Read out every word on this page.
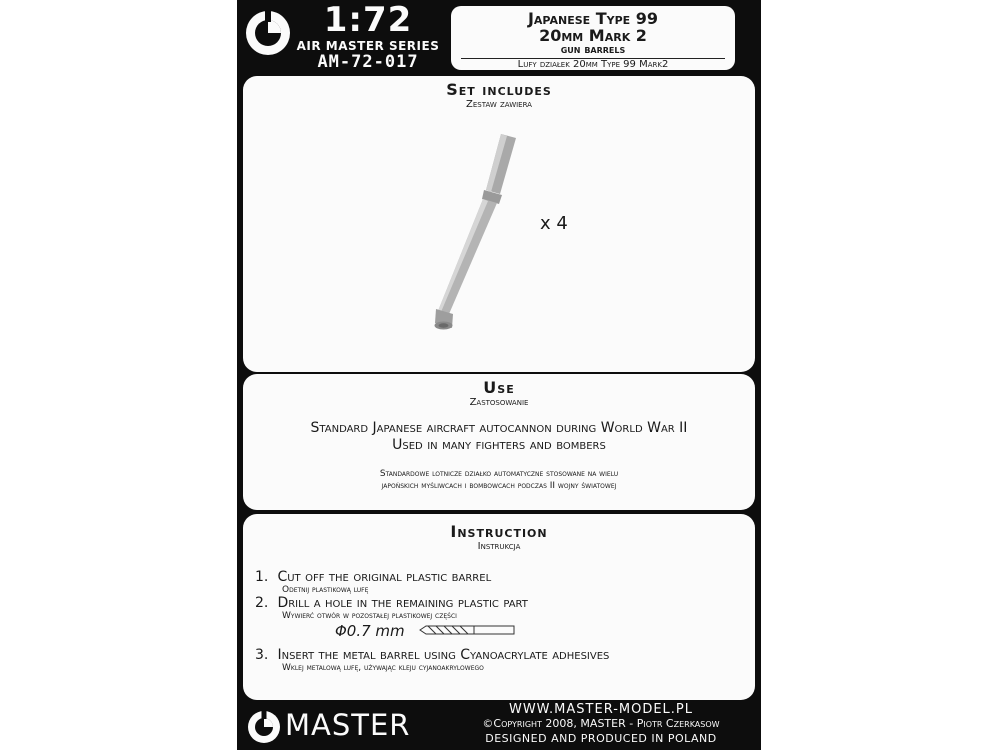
1:72
AIR MASTER SERIES
AM-72-017
Japanese Type 99
20mm Mark 2
gun barrels
Lufy działek 20mm Type 99 Mark2
Set includes
Zestaw zawiera
x 4
Use
Zastosowanie
Standard Japanese aircraft autocannon during World War II
Used in many fighters and bombers
Standardowe lotnicze działko automatyczne stosowane na wielu
japońskich myśliwcach i bombowcach podczas II wojny światowej
Instruction
Instrukcja
1. Cut off the original plastic barrel
Odetnij plastikową lufę
2. Drill a hole in the remaining plastic part
Wywierć otwór w pozostałej plastikowej części
Φ0.7 mm
3. Insert the metal barrel using Cyanoacrylate adhesives
Wklej metalową lufę, używając kleju cyjanoakrylowego
MASTER	WWW.MASTER-MODEL.PL
©Copyright 2008, MASTER - Piotr Czerkasow
DESIGNED AND PRODUCED IN POLAND
